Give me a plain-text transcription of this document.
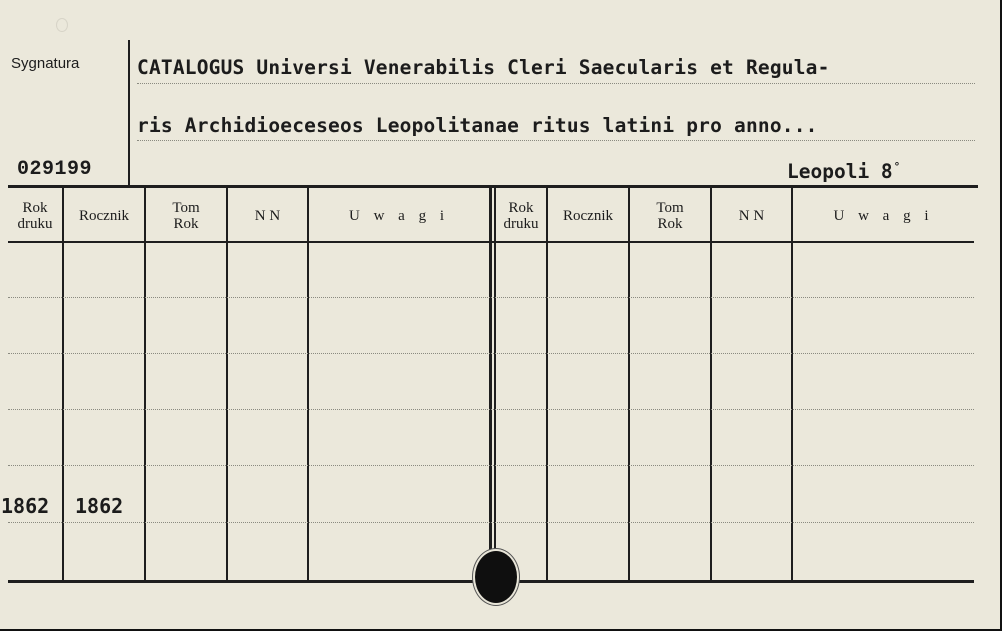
Sygnatura
029199
CATALOGUS Universi Venerabilis Cleri Saecularis et Regula-
ris Archidioeceseos Leopolitanae ritus latini pro anno...
Leopoli 8°
Rok druku	Rocznik	Tom Rok	N N	U w a g i	Rok druku	Rocznik	Tom Rok	N N	U w a g i
1862 1862
